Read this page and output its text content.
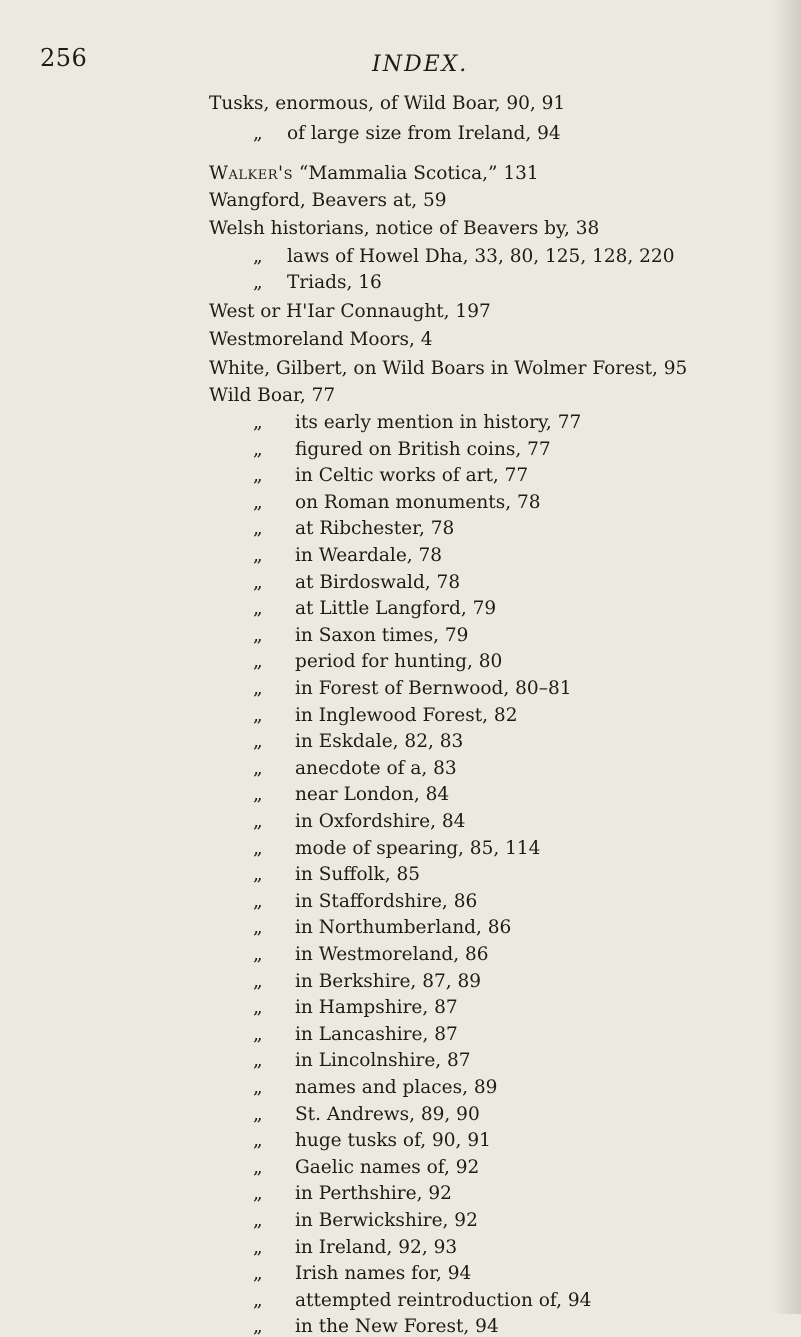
256	INDEX.
Tusks, enormous, of Wild Boar, 90, 91
„ of large size from Ireland, 94
Walker's “Mammalia Scotica,” 131
Wangford, Beavers at, 59
Welsh historians, notice of Beavers by, 38
„ laws of Howel Dha, 33, 80, 125, 128, 220
„ Triads, 16
West or H'Iar Connaught, 197
Westmoreland Moors, 4
White, Gilbert, on Wild Boars in Wolmer Forest, 95
Wild Boar, 77
„ its early mention in history, 77
„ figured on British coins, 77
„ in Celtic works of art, 77
„ on Roman monuments, 78
„ at Ribchester, 78
„ in Weardale, 78
„ at Birdoswald, 78
„ at Little Langford, 79
„ in Saxon times, 79
„ period for hunting, 80
„ in Forest of Bernwood, 80–81
„ in Inglewood Forest, 82
„ in Eskdale, 82, 83
„ anecdote of a, 83
„ near London, 84
„ in Oxfordshire, 84
„ mode of spearing, 85, 114
„ in Suffolk, 85
„ in Staffordshire, 86
„ in Northumberland, 86
„ in Westmoreland, 86
„ in Berkshire, 87, 89
„ in Hampshire, 87
„ in Lancashire, 87
„ in Lincolnshire, 87
„ names and places, 89
„ St. Andrews, 89, 90
„ huge tusks of, 90, 91
„ Gaelic names of, 92
„ in Perthshire, 92
„ in Berwickshire, 92
„ in Ireland, 92, 93
„ Irish names for, 94
„ attempted reintroduction of, 94
„ in the New Forest, 94
